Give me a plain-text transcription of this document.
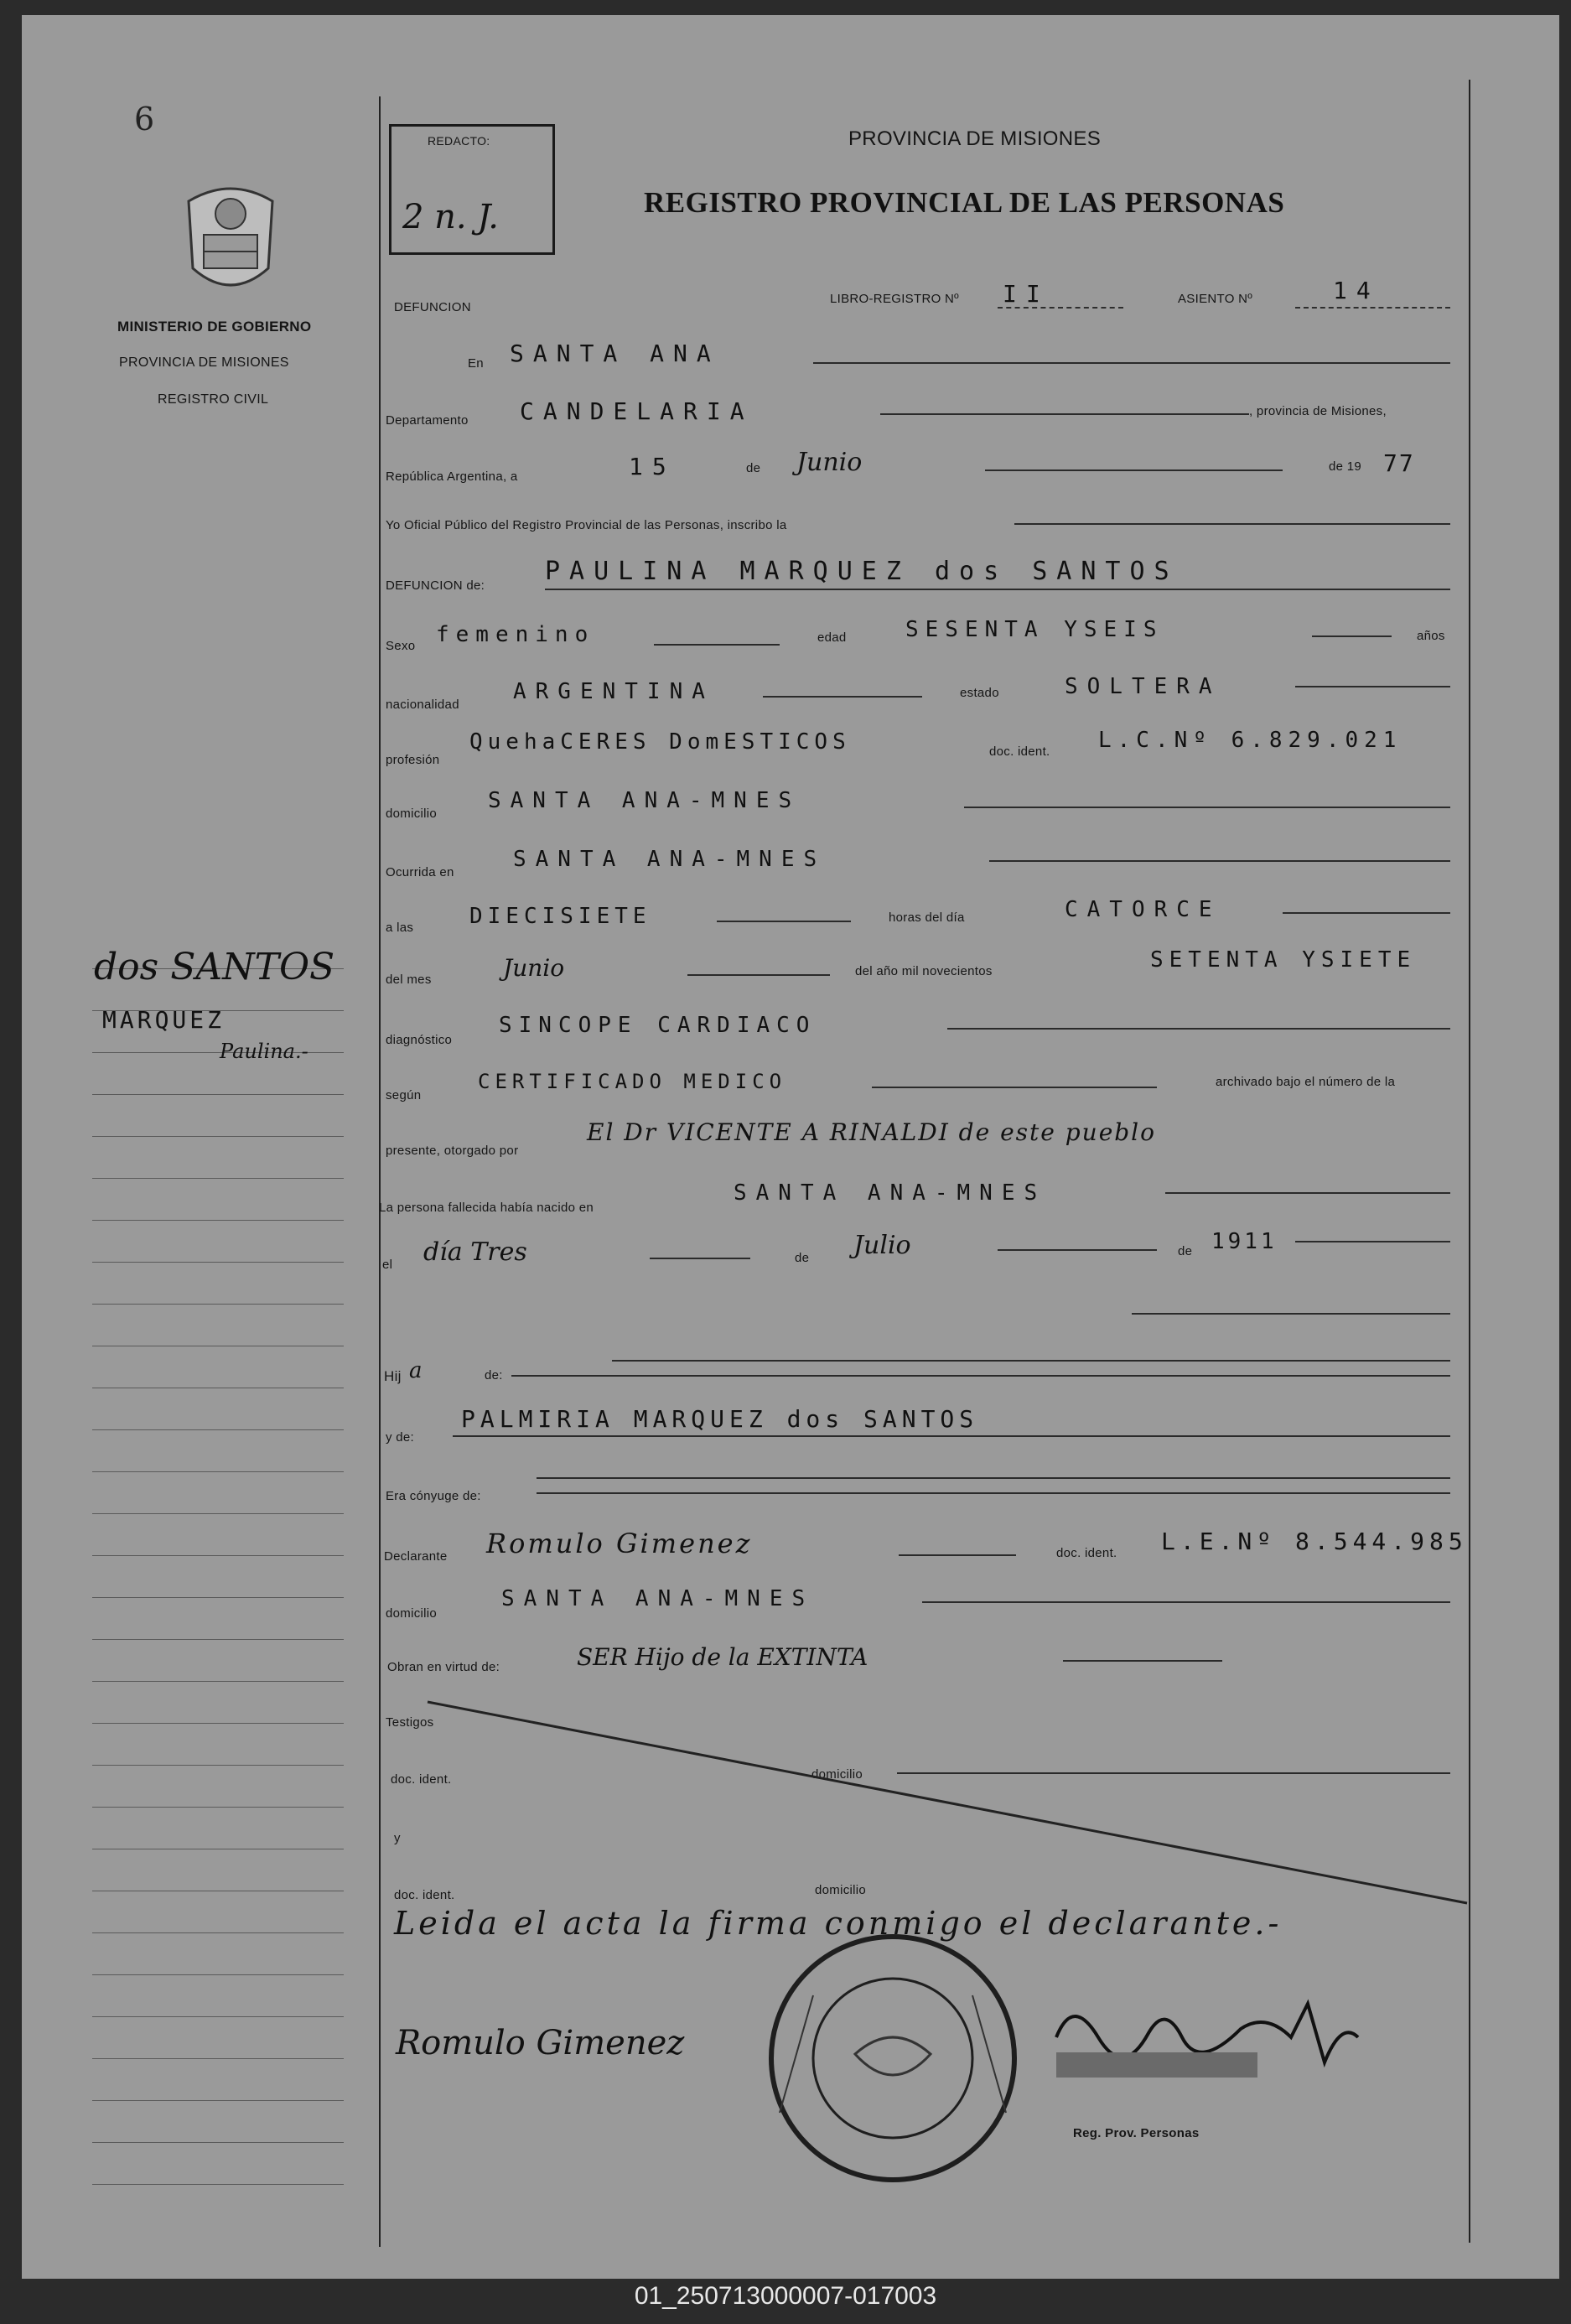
6
MINISTERIO DE GOBIERNO
PROVINCIA DE MISIONES
REGISTRO CIVIL
dos SANTOS
MARQUEZ
Paulina.-
REDACTO:
2 n. J.
PROVINCIA DE MISIONES
REGISTRO PROVINCIAL DE LAS PERSONAS
DEFUNCION
LIBRO-REGISTRO Nº II	ASIENTO Nº	14
En SANTA ANA
Departamento CANDELARIA	, provincia de Misiones,
República Argentina, a	15	de Junio	de 19 77
Yo Oficial Público del Registro Provincial de las Personas, inscribo la
DEFUNCION de: PAULINA MARQUEZ dos SANTOS
Sexo femenino	edad	SESENTA YSEIS	años
nacionalidad
ARGENTINA	estado	SOLTERA
profesión
QuehaCERES DomESTICOS	doc. ident. L.C.Nº 6.829.021
domicilio
SANTA ANA-MNES
Ocurrida en
SANTA ANA-MNES
a las	DIECISIETE	horas del día	CATORCE
del mes	Junio	del año mil novecientos	SETENTA YSIETE
diagnóstico
SINCOPE CARDIACO
según
CERTIFICADO MEDICO	archivado bajo el número de la
presente, otorgado por
El Dr VICENTE A RINALDI de este pueblo
La persona fallecida había nacido en
SANTA ANA-MNES
el día Tres	de Julio	de 1911
Hij a	de:
y de:
PALMIRIA MARQUEZ dos SANTOS
Era cónyuge de:
Declarante Romulo Gimenez	doc. ident. L.E.Nº 8.544.985
domicilio
SANTA ANA-MNES
Obran en virtud de:	SER Hijo de la EXTINTA
Testigos
doc. ident.	domicilio
y
doc. ident.	domicilio
Leida el acta la firma conmigo el declarante.-
Romulo Gimenez
Reg. Prov. Personas
01_250713000007-017003
